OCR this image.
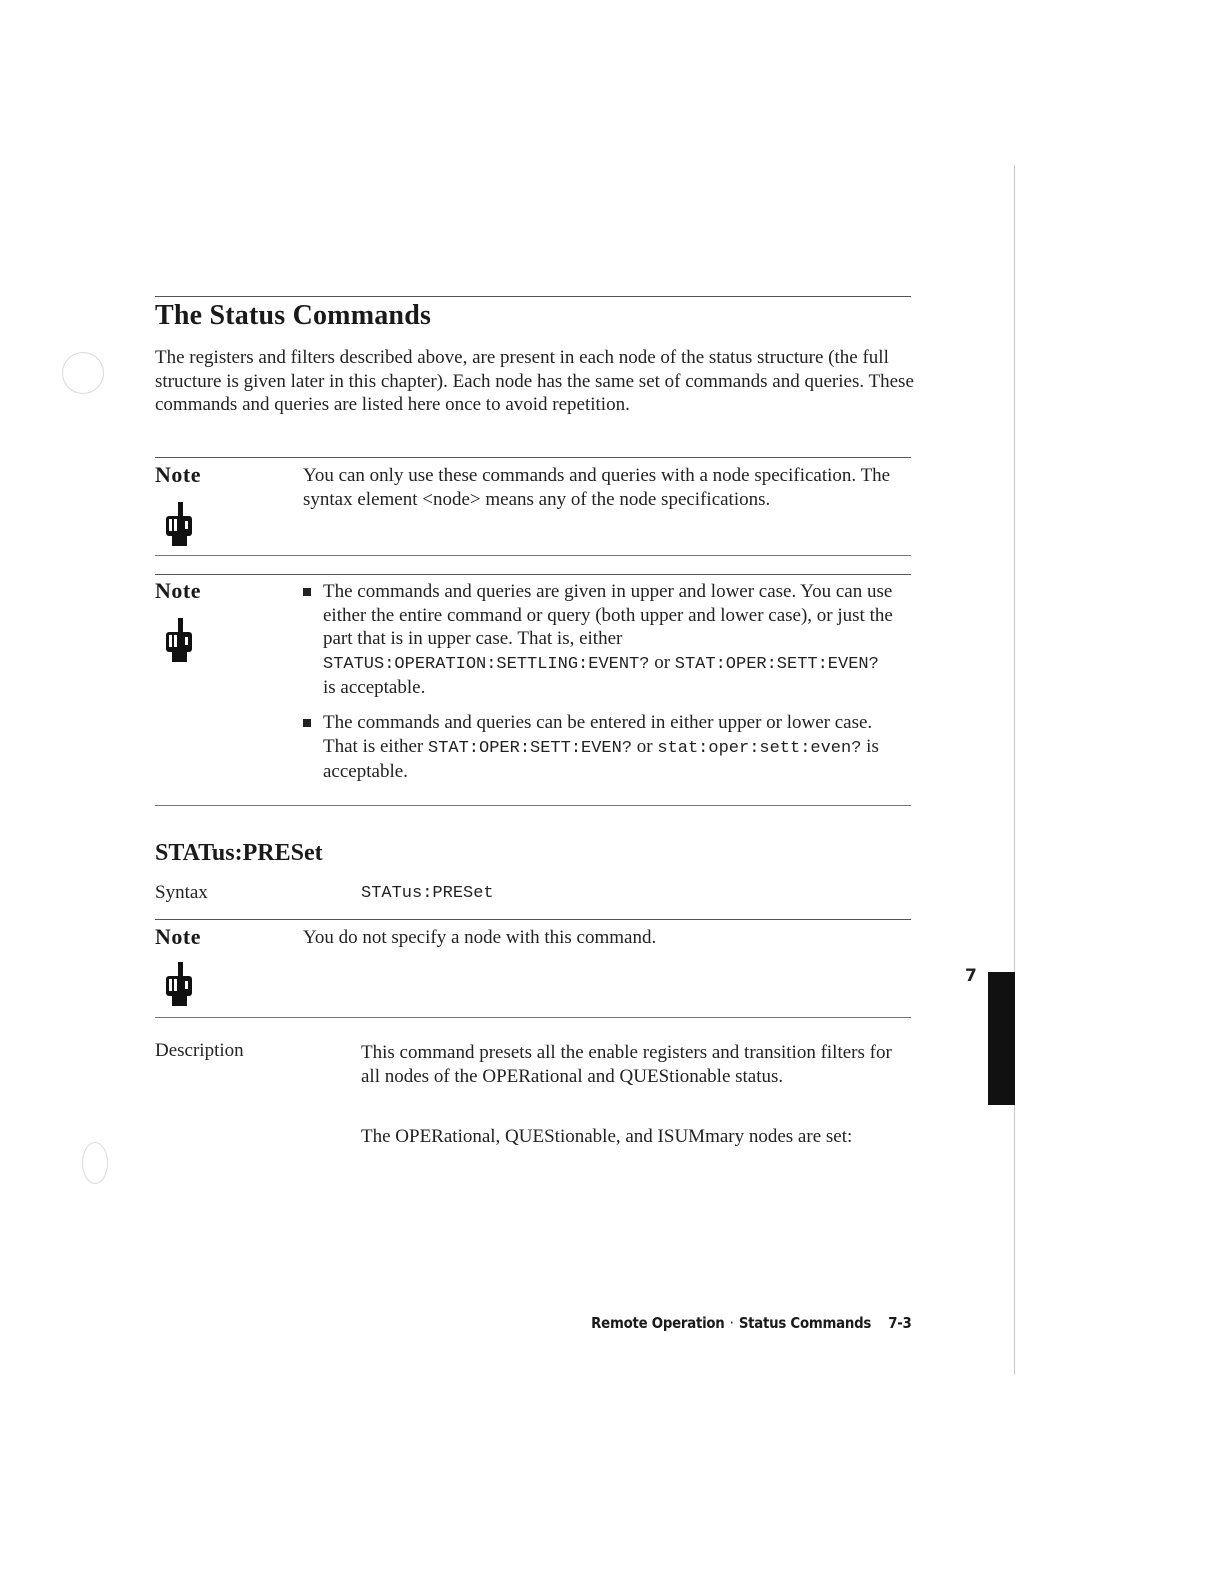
7

The Status Commands

The registers and filters described above, are present in each node of the status structure (the full structure is given later in this chapter). Each node has the same set of commands and queries. These commands and queries are listed here once to avoid repetition.

Note	You can only use these commands and queries with a node specification. The syntax element <node> means any of the node specifications.

Note	The commands and queries are given in upper and lower case. You can use either the entire command or query (both upper and lower case), or just the part that is in upper case. That is, either STATUS:OPERATION:SETTLING:EVENT? or STAT:OPER:SETT:EVEN? is acceptable.
The commands and queries can be entered in either upper or lower case. That is either STAT:OPER:SETT:EVEN? or stat:oper:sett:even? is acceptable.
STATus:PRESet

Syntax	STATus:PRESet

Note	You do not specify a node with this command.

Description	This command presets all the enable registers and transition filters for all nodes of the OPERational and QUEStionable status.

The OPERational, QUEStionable, and ISUMmary nodes are set:

Remote Operation · Status Commands 7-3
